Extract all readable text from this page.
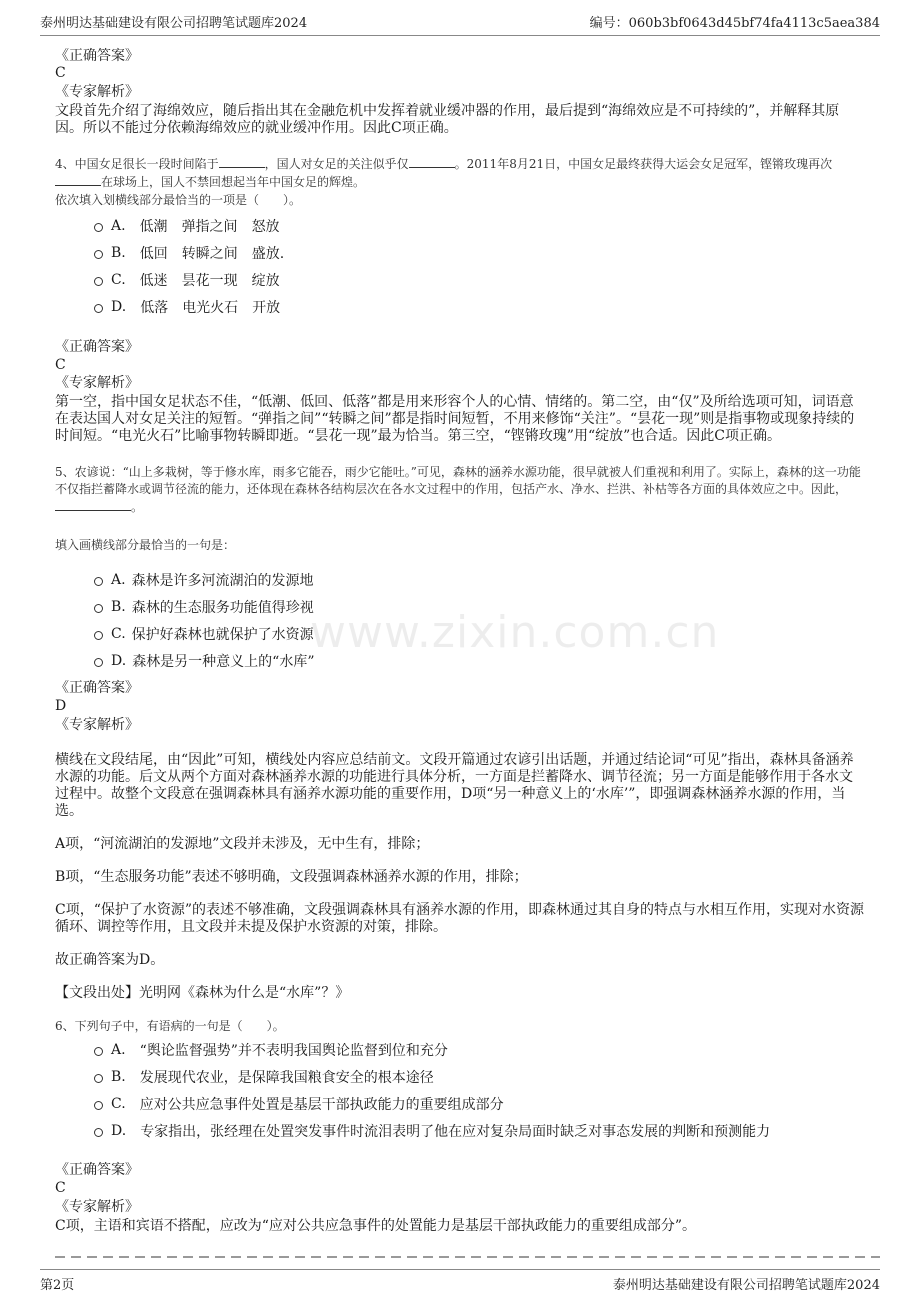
泰州明达基础建设有限公司招聘笔试题库2024	编号：060b3bf0643d45bf74fa4113c5aea384
www.zixin.com.cn

《正确答案》

C

《专家解析》

文段首先介绍了海绵效应，随后指出其在金融危机中发挥着就业缓冲器的作用，最后提到“海绵效应是不可持续的”，并解释其原因。所以不能过分依赖海绵效应的就业缓冲作用。因此C项正确。

4、中国女足很长一段时间陷于	，国人对女足的关注似乎仅	。2011年8月21日，中国女足最终获得大运会女足冠军，铿锵玫瑰再次在球场上，国人不禁回想起当年中国女足的辉煌。

依次填入划横线部分最恰当的一项是（　　）。

A. 低潮 弹指之间 怒放
B. 低回 转瞬之间 盛放.
C. 低迷 昙花一现 绽放
D. 低落 电光火石 开放

《正确答案》

C

《专家解析》

第一空，指中国女足状态不佳，“低潮、低回、低落”都是用来形容个人的心情、情绪的。第二空，由“仅”及所给选项可知，词语意在表达国人对女足关注的短暂。“弹指之间”“转瞬之间”都是指时间短暂，不用来修饰“关注”。“昙花一现”则是指事物或现象持续的时间短。“电光火石”比喻事物转瞬即逝。“昙花一现”最为恰当。第三空，“铿锵玫瑰”用“绽放”也合适。因此C项正确。

5、农谚说：“山上多栽树，等于修水库，雨多它能吞，雨少它能吐。”可见，森林的涵养水源功能，很早就被人们重视和利用了。实际上，森林的这一功能不仅指拦蓄降水或调节径流的能力，还体现在森林各结构层次在各水文过程中的作用，包括产水、净水、拦洪、补枯等各方面的具体效应之中。因此，。

填入画横线部分最恰当的一句是：

A. 森林是许多河流湖泊的发源地
B. 森林的生态服务功能值得珍视
C. 保护好森林也就保护了水资源
D. 森林是另一种意义上的“水库”

《正确答案》

D

《专家解析》

横线在文段结尾，由“因此”可知，横线处内容应总结前文。文段开篇通过农谚引出话题，并通过结论词“可见”指出，森林具备涵养水源的功能。后文从两个方面对森林涵养水源的功能进行具体分析，一方面是拦蓄降水、调节径流；另一方面是能够作用于各水文过程中。故整个文段意在强调森林具有涵养水源功能的重要作用，D项“另一种意义上的‘水库’”，即强调森林涵养水源的作用，当选。

A项，“河流湖泊的发源地”文段并未涉及，无中生有，排除；

B项，“生态服务功能”表述不够明确，文段强调森林涵养水源的作用，排除；

C项，“保护了水资源”的表述不够准确，文段强调森林具有涵养水源的作用，即森林通过其自身的特点与水相互作用，实现对水资源循环、调控等作用，且文段并未提及保护水资源的对策，排除。

故正确答案为D。

【文段出处】光明网《森林为什么是“水库”？》

6、下列句子中，有语病的一句是（　　）。

A. “舆论监督强势”并不表明我国舆论监督到位和充分
B. 发展现代农业，是保障我国粮食安全的根本途径
C. 应对公共应急事件处置是基层干部执政能力的重要组成部分
D. 专家指出，张经理在处置突发事件时流泪表明了他在应对复杂局面时缺乏对事态发展的判断和预测能力

《正确答案》

C

《专家解析》

C项，主语和宾语不搭配，应改为“应对公共应急事件的处置能力是基层干部执政能力的重要组成部分”。

第2页	泰州明达基础建设有限公司招聘笔试题库2024
